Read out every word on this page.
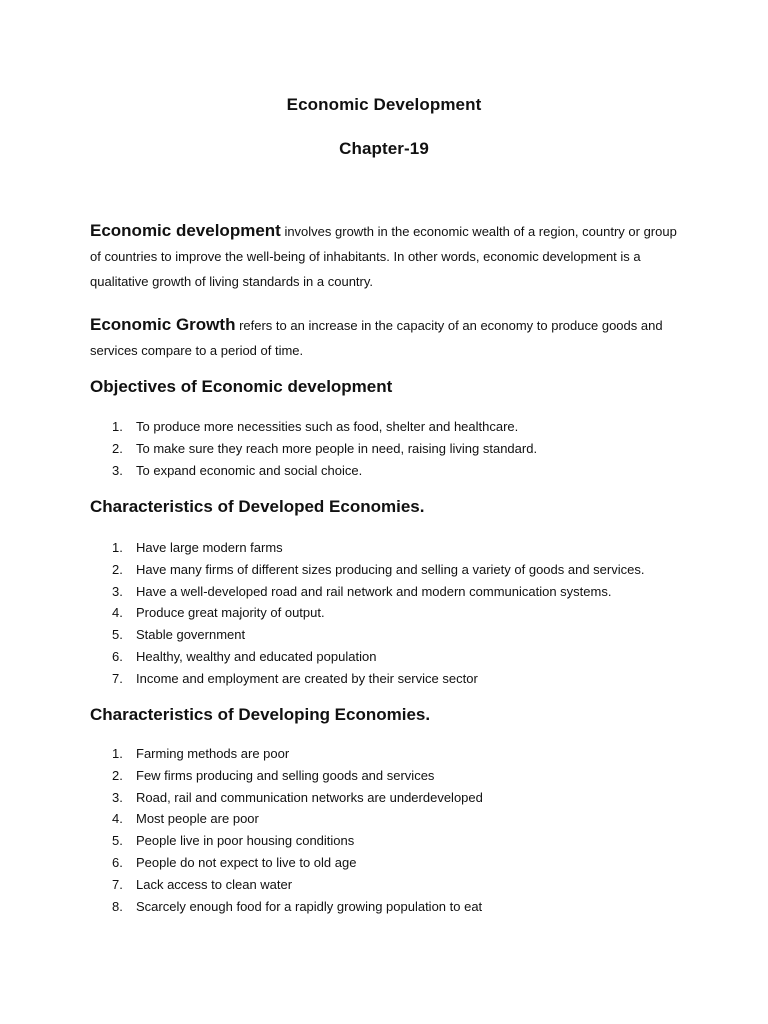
Economic Development
Chapter-19
Economic development involves growth in the economic wealth of a region, country or group of countries to improve the well-being of inhabitants. In other words, economic development is a qualitative growth of living standards in a country.
Economic Growth refers to an increase in the capacity of an economy to produce goods and services compare to a period of time.
Objectives of Economic development
1. To produce more necessities such as food, shelter and healthcare.
2. To make sure they reach more people in need, raising living standard.
3. To expand economic and social choice.
Characteristics of Developed Economies.
1. Have large modern farms
2. Have many firms of different sizes producing and selling a variety of goods and services.
3. Have a well-developed road and rail network and modern communication systems.
4. Produce great majority of output.
5. Stable government
6. Healthy, wealthy and educated population
7. Income and employment are created by their service sector
Characteristics of Developing Economies.
1. Farming methods are poor
2. Few firms producing and selling goods and services
3. Road, rail and communication networks are underdeveloped
4. Most people are poor
5. People live in poor housing conditions
6. People do not expect to live to old age
7. Lack access to clean water
8. Scarcely enough food for a rapidly growing population to eat
